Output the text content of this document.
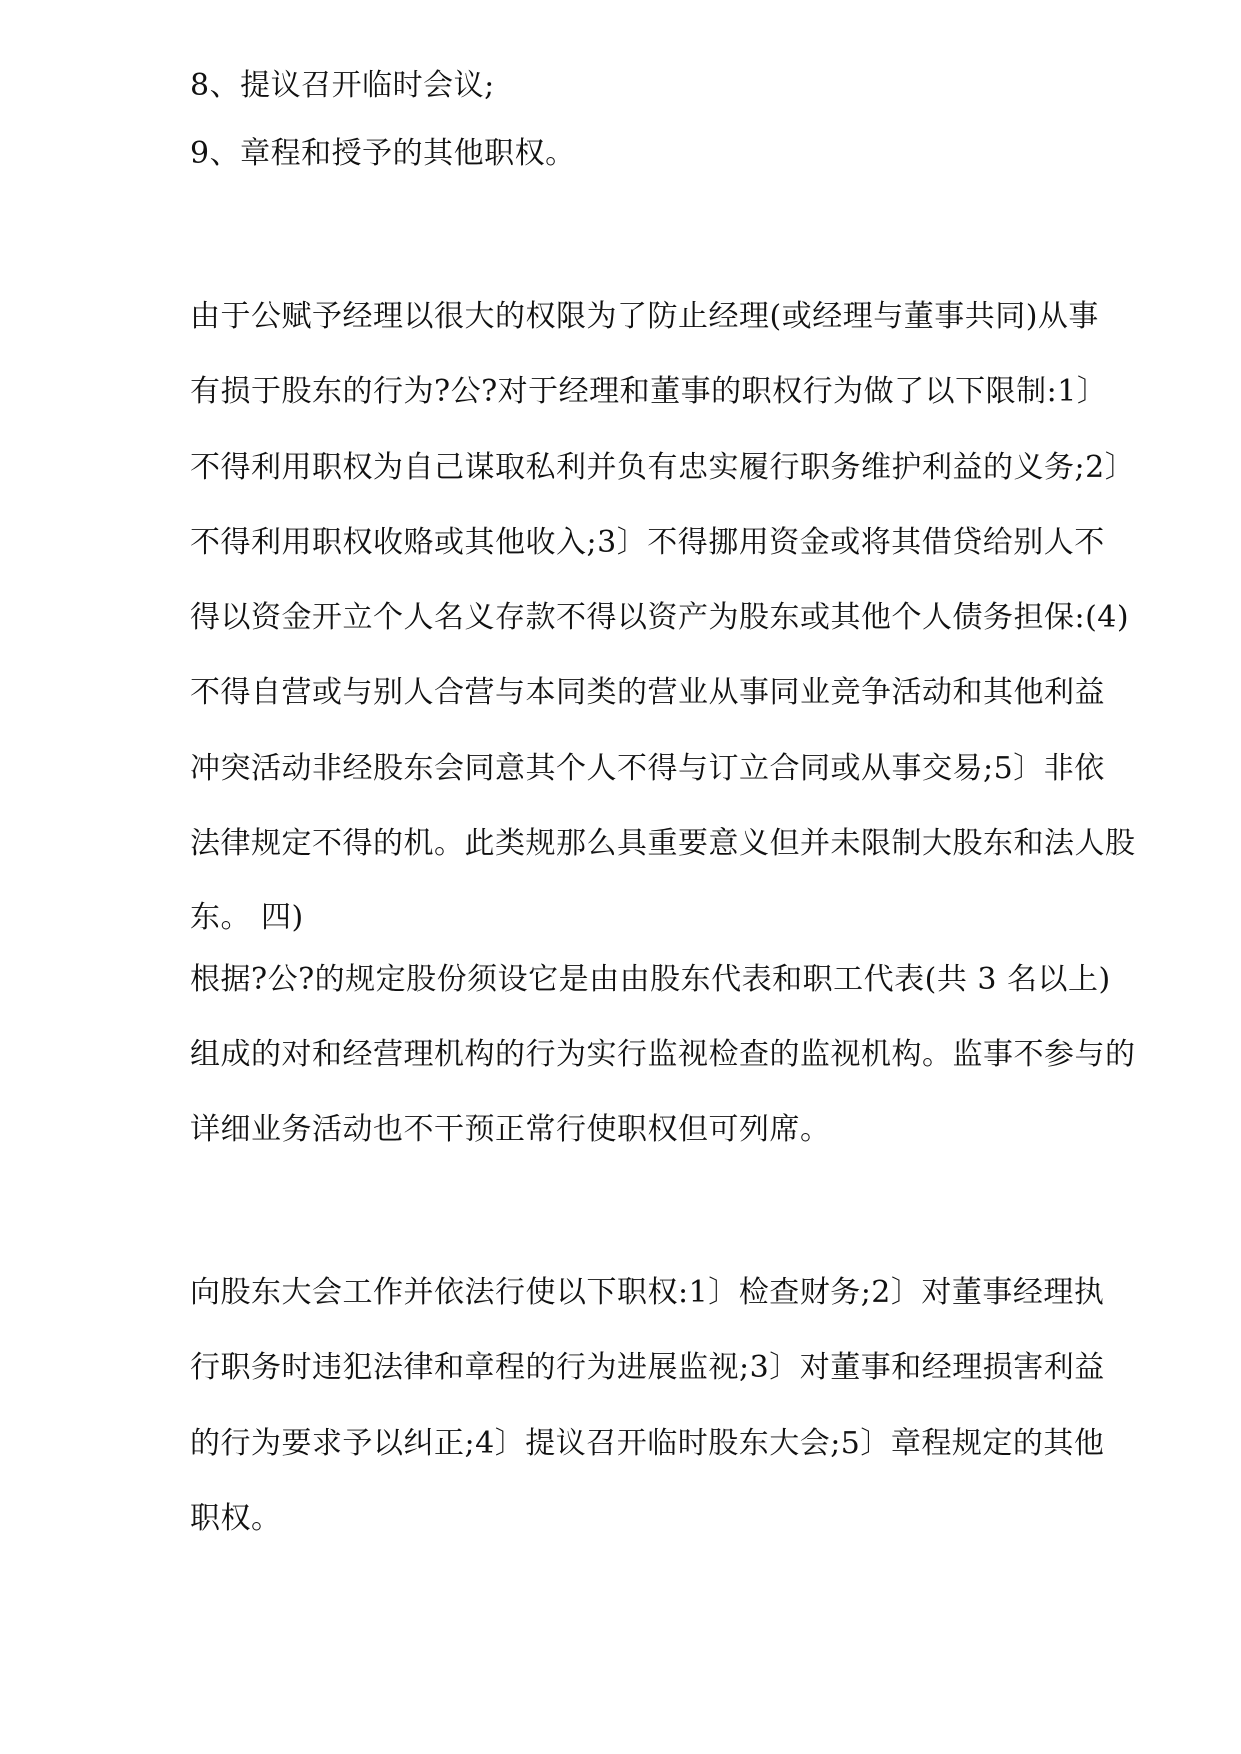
8、提议召开临时会议;
9、章程和授予的其他职权。
由于公赋予经理以很大的权限为了防止经理(或经理与董事共同)从事
有损于股东的行为?公?对于经理和董事的职权行为做了以下限制:1〕
不得利用职权为自己谋取私利并负有忠实履行职务维护利益的义务;2〕
不得利用职权收赂或其他收入;3〕不得挪用资金或将其借贷给别人不
得以资金开立个人名义存款不得以资产为股东或其他个人债务担保:(4)
不得自营或与别人合营与本同类的营业从事同业竞争活动和其他利益
冲突活动非经股东会同意其个人不得与订立合同或从事交易;5〕非依
法律规定不得的机。此类规那么具重要意义但并未限制大股东和法人股
东。 四)
根据?公?的规定股份须设它是由由股东代表和职工代表(共 3 名以上)
组成的对和经营理机构的行为实行监视检查的监视机构。监事不参与的
详细业务活动也不干预正常行使职权但可列席。
向股东大会工作并依法行使以下职权:1〕检查财务;2〕对董事经理执
行职务时违犯法律和章程的行为进展监视;3〕对董事和经理损害利益
的行为要求予以纠正;4〕提议召开临时股东大会;5〕章程规定的其他
职权。
